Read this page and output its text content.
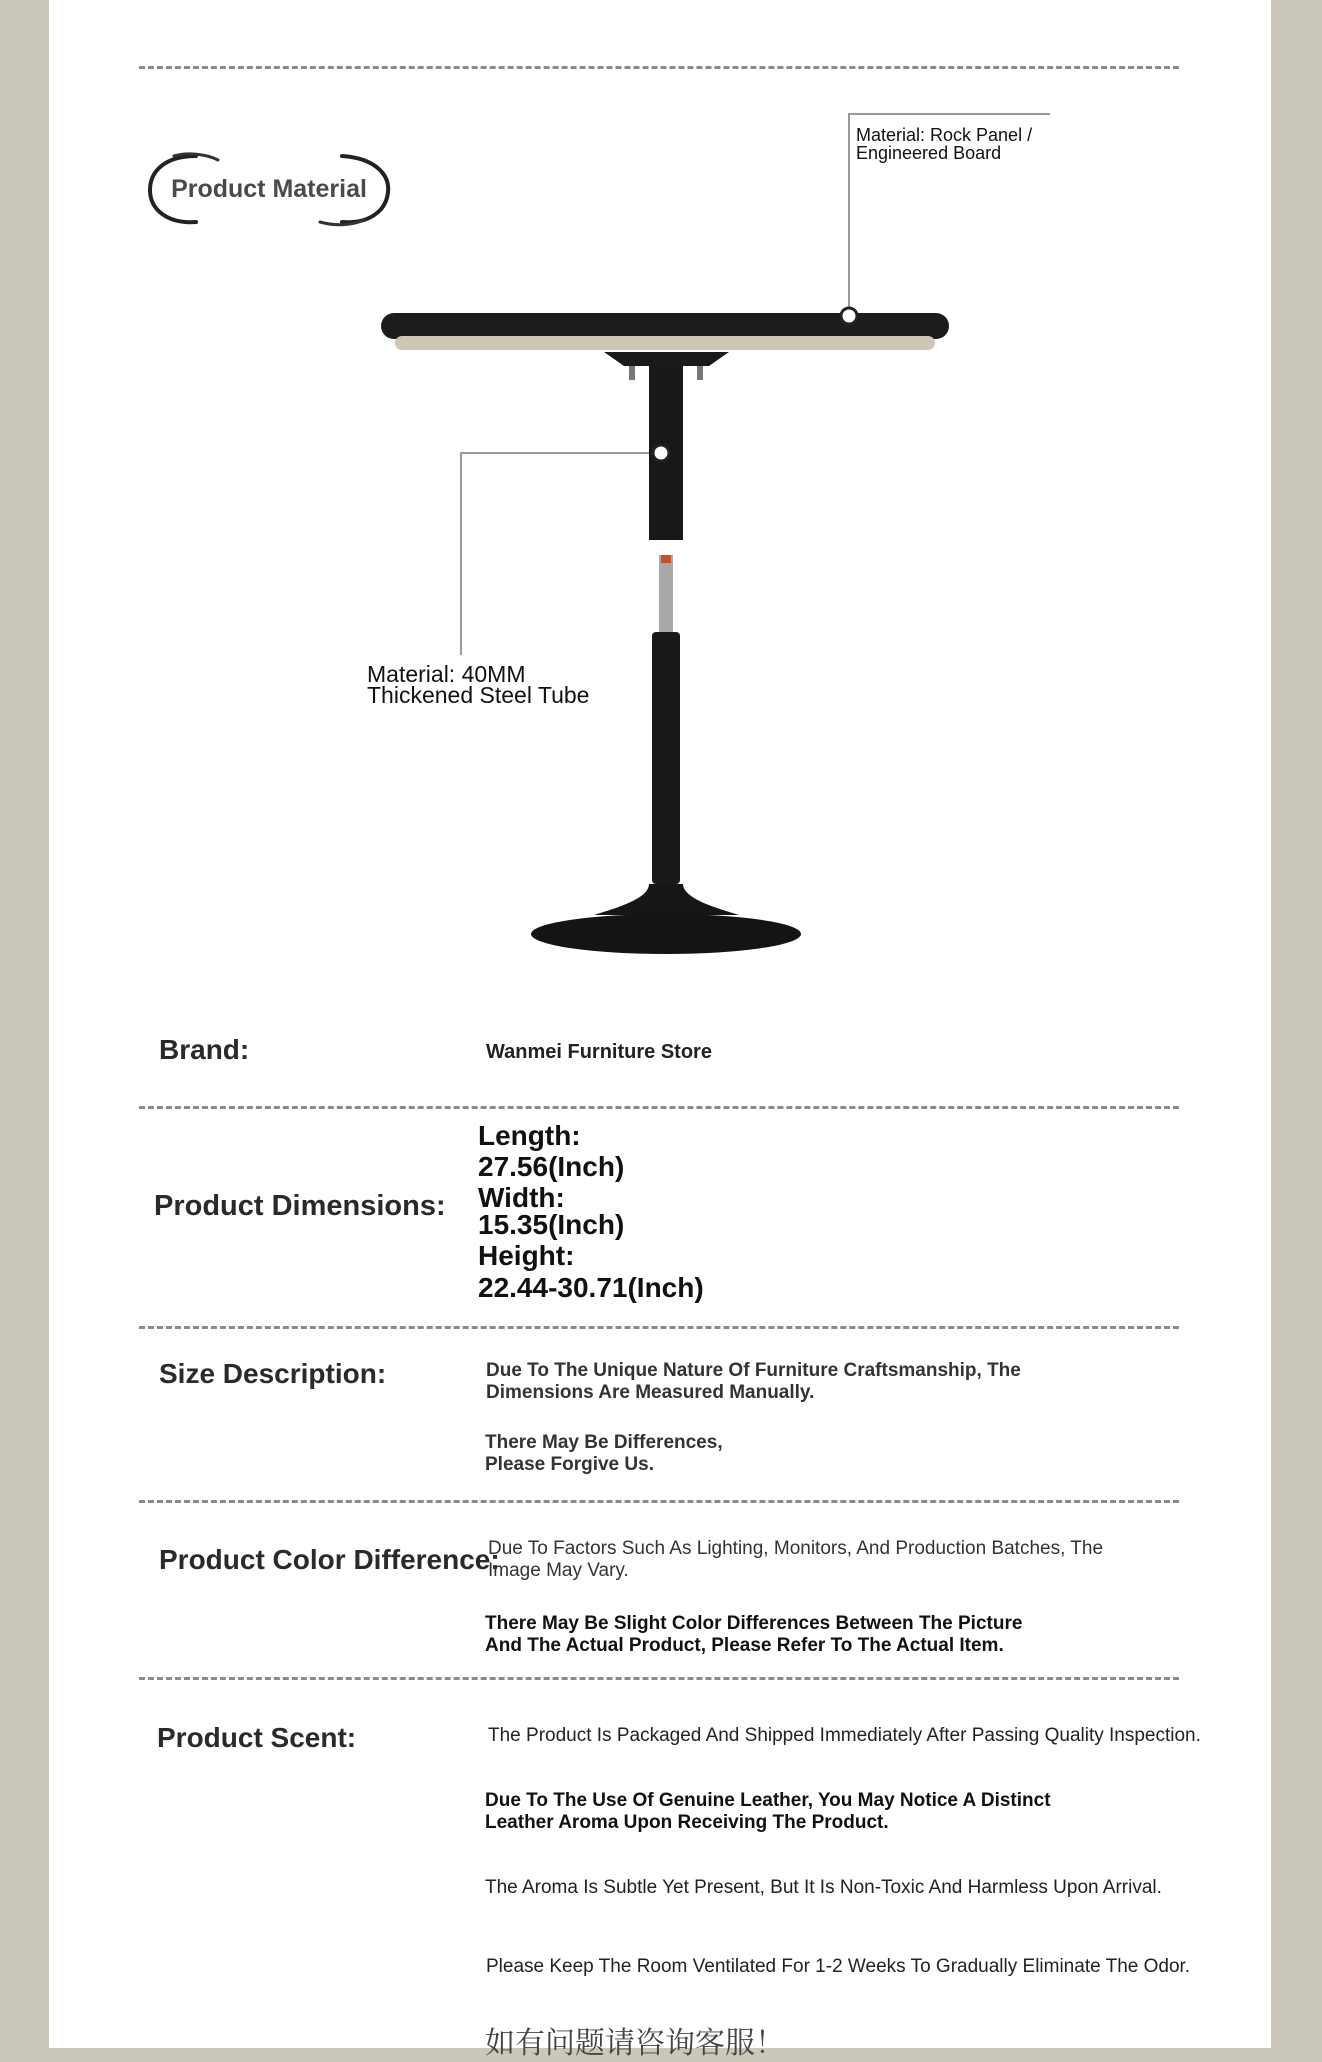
Product Material
Material: Rock Panel /
Engineered Board
Material: 40MM
Thickened Steel Tube
Brand:	Wanmei Furniture Store
Product Dimensions:
Length:
27.56(Inch)
Width:
15.35(Inch)
Height:
22.44-30.71(Inch)
Size Description:	Due To The Unique Nature Of Furniture Craftsmanship, The
Dimensions Are Measured Manually.
There May Be Differences,
Please Forgive Us.
Product Color Difference:
Due To Factors Such As Lighting, Monitors, And Production Batches, The
Image May Vary.
There May Be Slight Color Differences Between The Picture
And The Actual Product, Please Refer To The Actual Item.
Product Scent:	The Product Is Packaged And Shipped Immediately After Passing Quality Inspection.
Due To The Use Of Genuine Leather, You May Notice A Distinct
Leather Aroma Upon Receiving The Product.
The Aroma Is Subtle Yet Present, But It Is Non-Toxic And Harmless Upon Arrival.
Please Keep The Room Ventilated For 1-2 Weeks To Gradually Eliminate The Odor.
如有问题请咨询客服！
